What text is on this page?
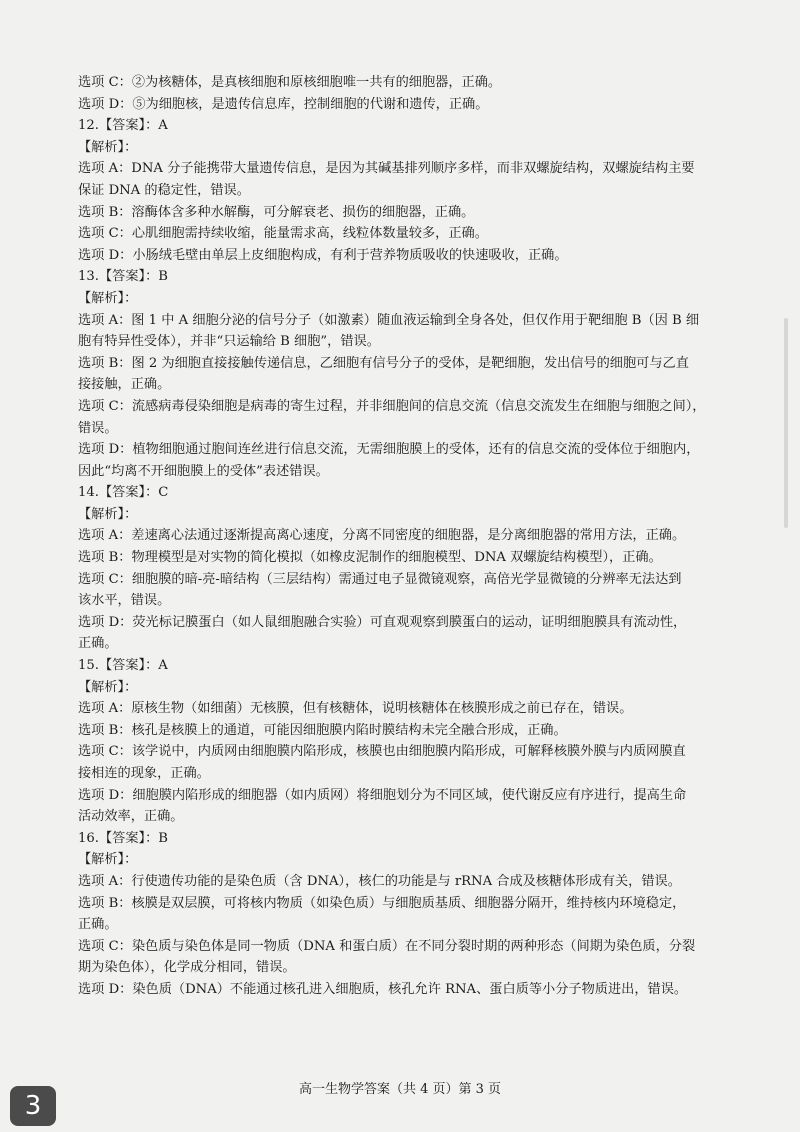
选项 C：②为核糖体，是真核细胞和原核细胞唯一共有的细胞器，正确。
选项 D：⑤为细胞核，是遗传信息库，控制细胞的代谢和遗传，正确。
12.【答案】：A
【解析】：
选项 A：DNA 分子能携带大量遗传信息，是因为其碱基排列顺序多样，而非双螺旋结构，双螺旋结构主要
保证 DNA 的稳定性，错误。
选项 B：溶酶体含多种水解酶，可分解衰老、损伤的细胞器，正确。
选项 C：心肌细胞需持续收缩，能量需求高，线粒体数量较多，正确。
选项 D：小肠绒毛壁由单层上皮细胞构成，有利于营养物质吸收的快速吸收，正确。
13.【答案】：B
【解析】：
选项 A：图 1 中 A 细胞分泌的信号分子（如激素）随血液运输到全身各处，但仅作用于靶细胞 B（因 B 细
胞有特异性受体），并非“只运输给 B 细胞”，错误。
选项 B：图 2 为细胞直接接触传递信息，乙细胞有信号分子的受体，是靶细胞，发出信号的细胞可与乙直
接接触，正确。
选项 C：流感病毒侵染细胞是病毒的寄生过程，并非细胞间的信息交流（信息交流发生在细胞与细胞之间），
错误。
选项 D：植物细胞通过胞间连丝进行信息交流，无需细胞膜上的受体，还有的信息交流的受体位于细胞内，
因此“均离不开细胞膜上的受体”表述错误。
14.【答案】：C
【解析】：
选项 A：差速离心法通过逐渐提高离心速度，分离不同密度的细胞器，是分离细胞器的常用方法，正确。
选项 B：物理模型是对实物的简化模拟（如橡皮泥制作的细胞模型、DNA 双螺旋结构模型），正确。
选项 C：细胞膜的暗-亮-暗结构（三层结构）需通过电子显微镜观察，高倍光学显微镜的分辨率无法达到
该水平，错误。
选项 D：荧光标记膜蛋白（如人鼠细胞融合实验）可直观观察到膜蛋白的运动，证明细胞膜具有流动性，
正确。
15.【答案】：A
【解析】：
选项 A：原核生物（如细菌）无核膜，但有核糖体，说明核糖体在核膜形成之前已存在，错误。
选项 B：核孔是核膜上的通道，可能因细胞膜内陷时膜结构未完全融合形成，正确。
选项 C：该学说中，内质网由细胞膜内陷形成，核膜也由细胞膜内陷形成，可解释核膜外膜与内质网膜直
接相连的现象，正确。
选项 D：细胞膜内陷形成的细胞器（如内质网）将细胞划分为不同区域，使代谢反应有序进行，提高生命
活动效率，正确。
16.【答案】：B
【解析】：
选项 A：行使遗传功能的是染色质（含 DNA），核仁的功能是与 rRNA 合成及核糖体形成有关，错误。
选项 B：核膜是双层膜，可将核内物质（如染色质）与细胞质基质、细胞器分隔开，维持核内环境稳定，
正确。
选项 C：染色质与染色体是同一物质（DNA 和蛋白质）在不同分裂时期的两种形态（间期为染色质，分裂
期为染色体），化学成分相同，错误。
选项 D：染色质（DNA）不能通过核孔进入细胞质，核孔允许 RNA、蛋白质等小分子物质进出，错误。
高一生物学答案（共 4 页）第 3 页
3
